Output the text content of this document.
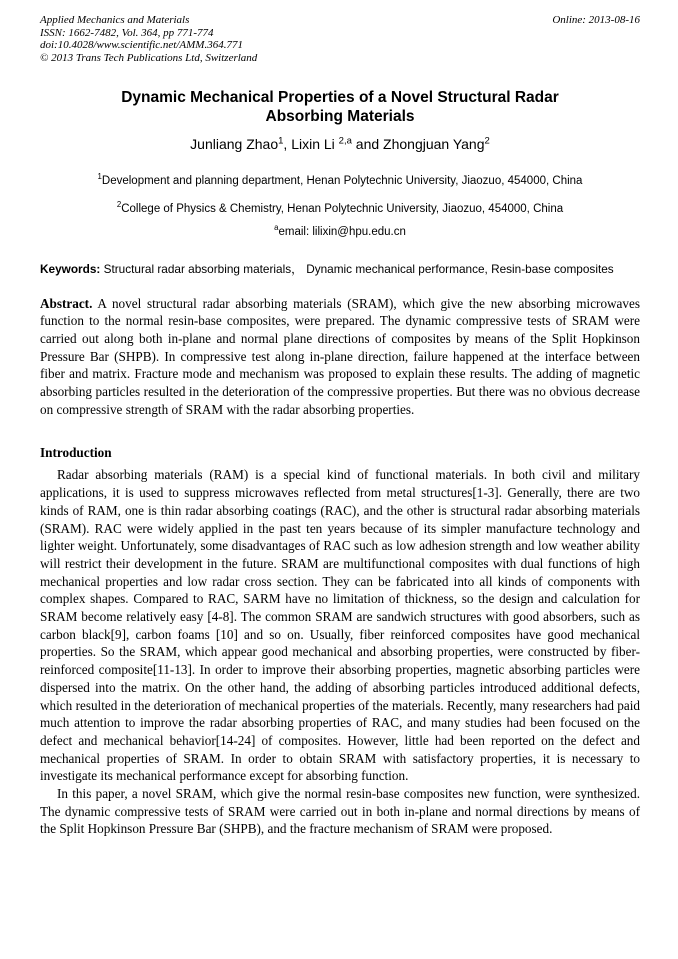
Applied Mechanics and Materials
ISSN: 1662-7482, Vol. 364, pp 771-774
doi:10.4028/www.scientific.net/AMM.364.771
© 2013 Trans Tech Publications Ltd, Switzerland
Online: 2013-08-16
Dynamic Mechanical Properties of a Novel Structural Radar Absorbing Materials
Junliang Zhao$^1$, Lixin Li $^{2,a}$ and Zhongjuan Yang$^2$
$^1$Development and planning department, Henan Polytechnic University, Jiaozuo, 454000, China
$^2$College of Physics & Chemistry, Henan Polytechnic University, Jiaozuo, 454000, China
$^a$email: lilixin@hpu.edu.cn
Keywords: Structural radar absorbing materials， Dynamic mechanical performance, Resin-base composites
Abstract. A novel structural radar absorbing materials (SRAM), which give the new absorbing microwaves function to the normal resin-base composites, were prepared. The dynamic compressive tests of SRAM were carried out along both in-plane and normal plane directions of composites by means of the Split Hopkinson Pressure Bar (SHPB). In compressive test along in-plane direction, failure happened at the interface between fiber and matrix. Fracture mode and mechanism was proposed to explain these results. The adding of magnetic absorbing particles resulted in the deterioration of the compressive properties. But there was no obvious decrease on compressive strength of SRAM with the radar absorbing properties.
Introduction
Radar absorbing materials (RAM) is a special kind of functional materials. In both civil and military applications, it is used to suppress microwaves reflected from metal structures[1-3]. Generally, there are two kinds of RAM, one is thin radar absorbing coatings (RAC), and the other is structural radar absorbing materials (SRAM). RAC were widely applied in the past ten years because of its simpler manufacture technology and lighter weight. Unfortunately, some disadvantages of RAC such as low adhesion strength and low weather ability will restrict their development in the future. SRAM are multifunctional composites with dual functions of high mechanical properties and low radar cross section. They can be fabricated into all kinds of components with complex shapes. Compared to RAC, SARM have no limitation of thickness, so the design and calculation for SRAM become relatively easy [4-8]. The common SRAM are sandwich structures with good absorbers, such as carbon black[9], carbon foams [10] and so on. Usually, fiber reinforced composites have good mechanical properties. So the SRAM, which appear good mechanical and absorbing properties, were constructed by fiber-reinforced composite[11-13]. In order to improve their absorbing properties, magnetic absorbing particles were dispersed into the matrix. On the other hand, the adding of absorbing particles introduced additional defects, which resulted in the deterioration of mechanical properties of the materials. Recently, many researchers had paid much attention to improve the radar absorbing properties of RAC, and many studies had been focused on the defect and mechanical behavior[14-24] of composites. However, little had been reported on the defect and mechanical properties of SRAM. In order to obtain SRAM with satisfactory properties, it is necessary to investigate its mechanical performance except for absorbing function.
In this paper, a novel SRAM, which give the normal resin-base composites new function, were synthesized. The dynamic compressive tests of SRAM were carried out in both in-plane and normal directions by means of the Split Hopkinson Pressure Bar (SHPB), and the fracture mechanism of SRAM were proposed.
